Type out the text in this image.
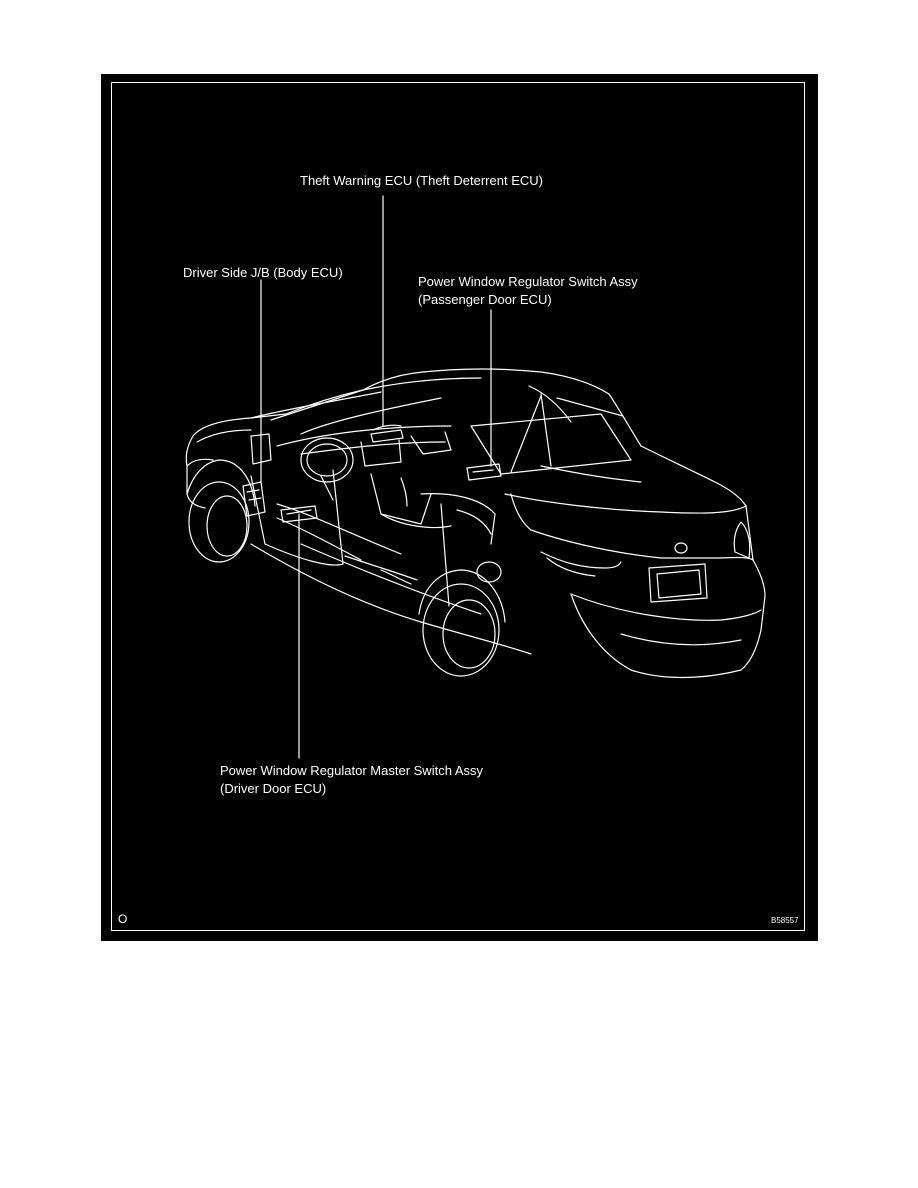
Theft Warning ECU (Theft Deterrent ECU)
Driver Side J/B (Body ECU)
Power Window Regulator Switch Assy
(Passenger Door ECU)
Power Window Regulator Master Switch Assy
(Driver Door ECU)
O	B58557
